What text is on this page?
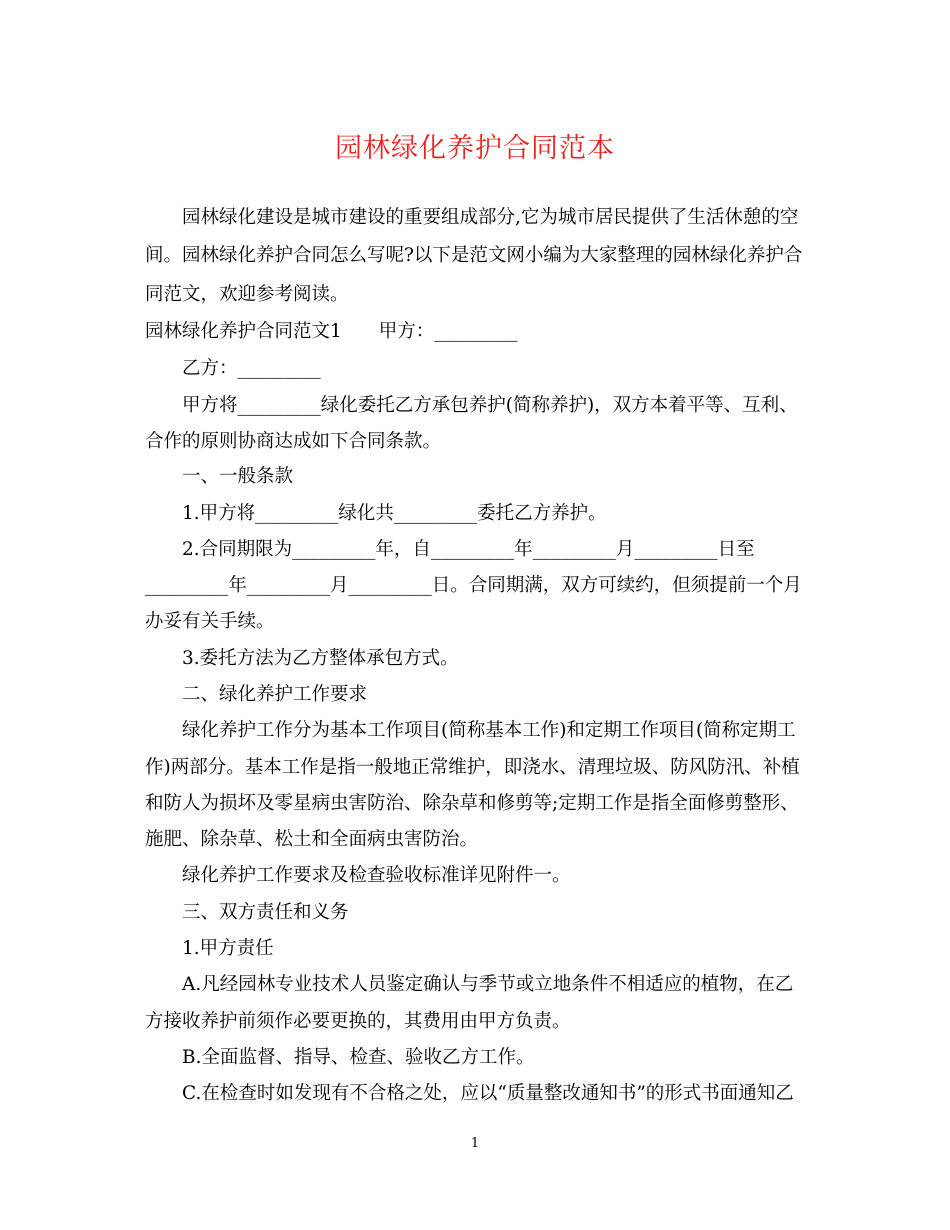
园林绿化养护合同范本
园林绿化建设是城市建设的重要组成部分,它为城市居民提供了生活休憩的空
间。园林绿化养护合同怎么写呢?以下是范文网小编为大家整理的园林绿化养护合
同范文，欢迎参考阅读。
园林绿化养护合同范文1　　甲方：_________
乙方：_________
甲方将_________绿化委托乙方承包养护(简称养护)，双方本着平等、互利、
合作的原则协商达成如下合同条款。
一、一般条款
1.甲方将_________绿化共_________委托乙方养护。
2.合同期限为_________年，自_________年_________月_________日至
_________年_________月_________日。合同期满，双方可续约，但须提前一个月
办妥有关手续。
3.委托方法为乙方整体承包方式。
二、绿化养护工作要求
绿化养护工作分为基本工作项目(简称基本工作)和定期工作项目(简称定期工
作)两部分。基本工作是指一般地正常维护，即浇水、清理垃圾、防风防汛、补植
和防人为损坏及零星病虫害防治、除杂草和修剪等;定期工作是指全面修剪整形、
施肥、除杂草、松土和全面病虫害防治。
绿化养护工作要求及检查验收标准详见附件一。
三、双方责任和义务
1.甲方责任
A.凡经园林专业技术人员鉴定确认与季节或立地条件不相适应的植物，在乙
方接收养护前须作必要更换的，其费用由甲方负责。
B.全面监督、指导、检查、验收乙方工作。
C.在检查时如发现有不合格之处，应以“质量整改通知书”的形式书面通知乙
1
